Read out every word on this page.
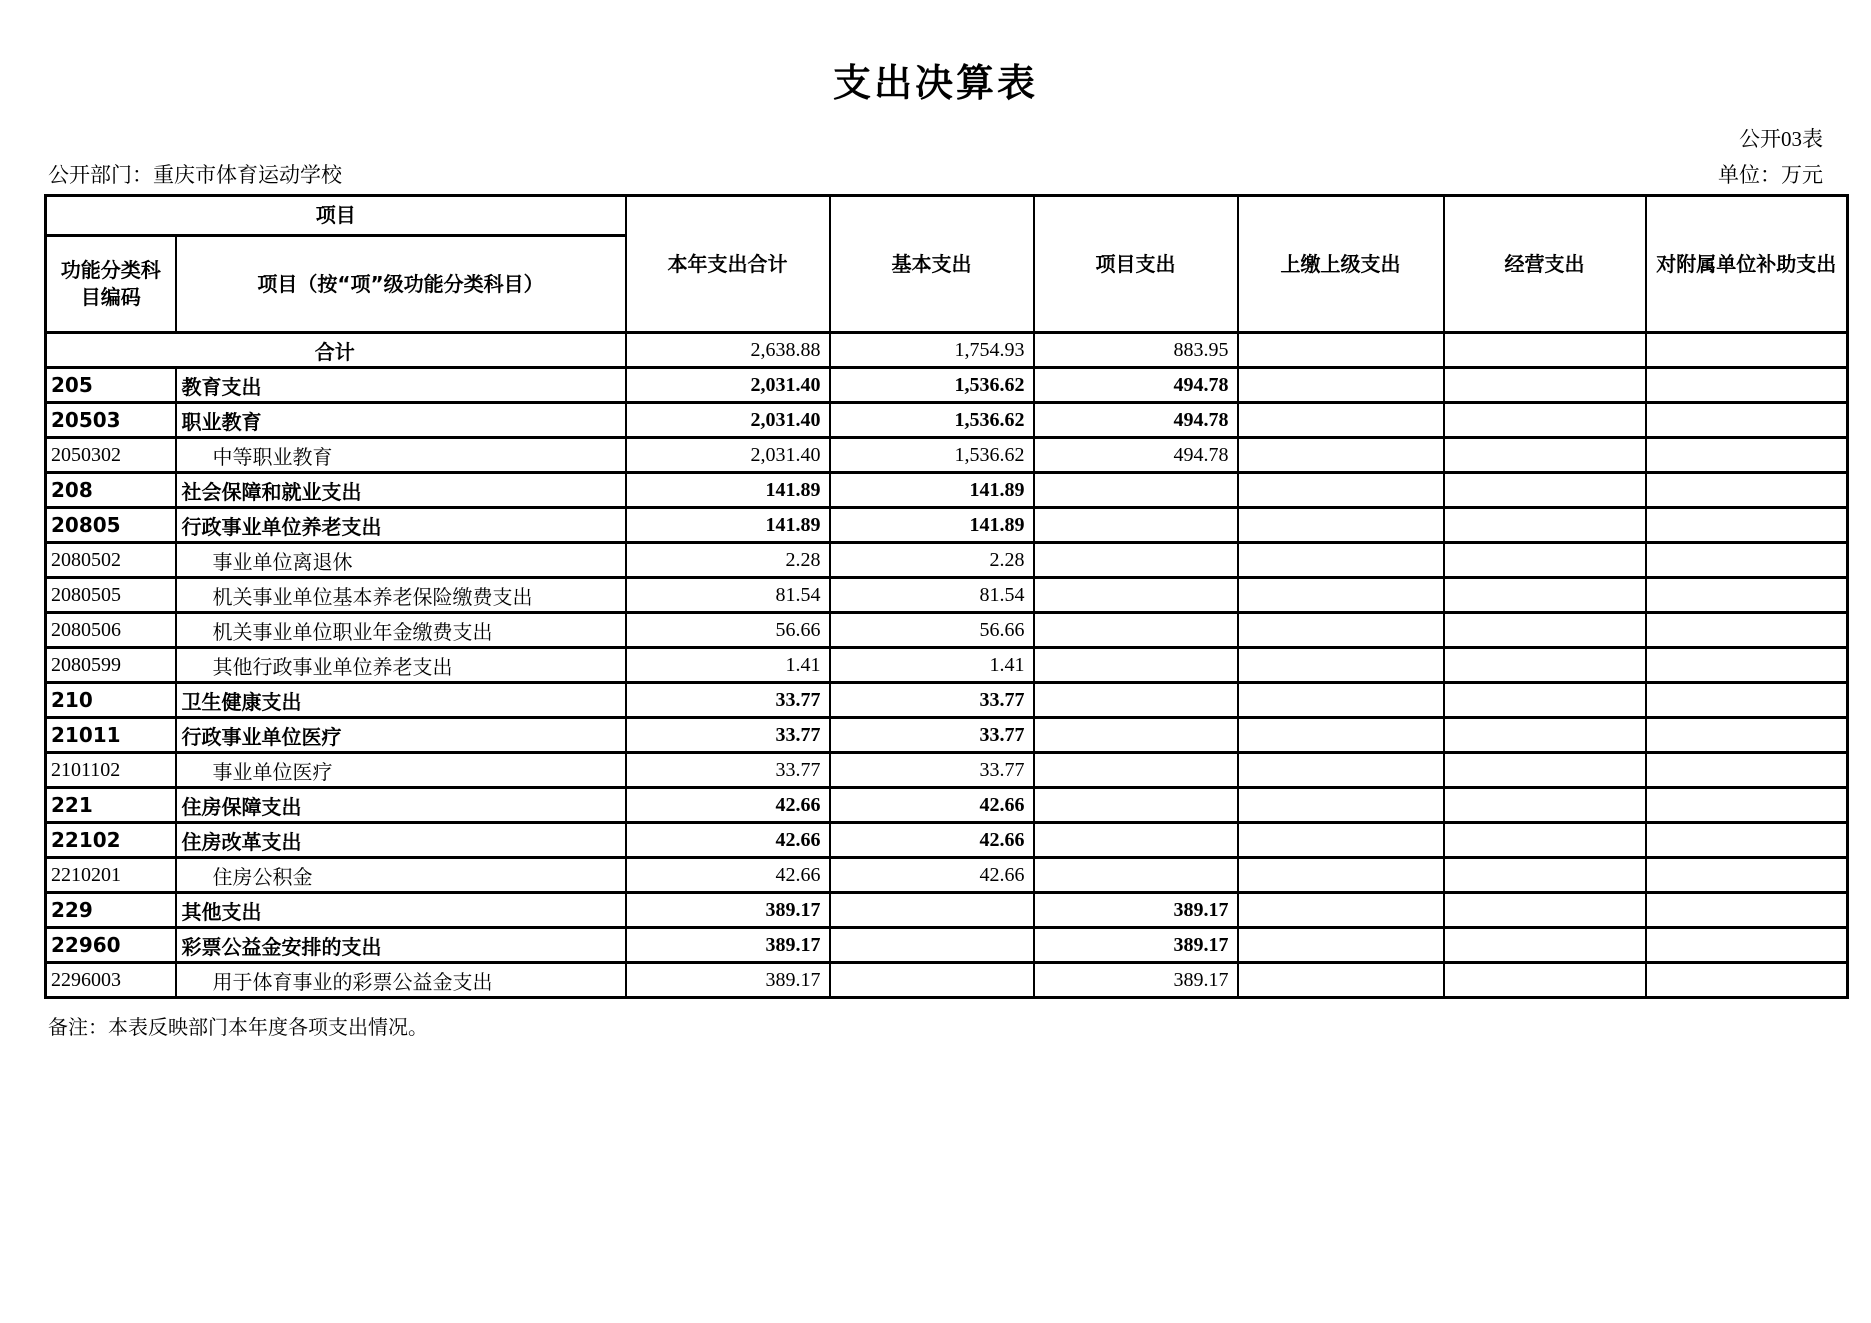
支出决算表
公开03表
公开部门：重庆市体育运动学校	单位：万元
项目		本年支出合计	基本支出	项目支出	上缴上级支出	经营支出	对附属单位补助支出
功能分类科目编码	项目（按“项”级功能分类科目）						
合计		2,638.88	1,754.93	883.95			
205	教育支出	2,031.40	1,536.62	494.78			
20503	职业教育	2,031.40	1,536.62	494.78			
2050302	中等职业教育	2,031.40	1,536.62	494.78			
208	社会保障和就业支出	141.89	141.89				
20805	行政事业单位养老支出	141.89	141.89				
2080502	事业单位离退休	2.28	2.28				
2080505	机关事业单位基本养老保险缴费支出	81.54	81.54				
2080506	机关事业单位职业年金缴费支出	56.66	56.66				
2080599	其他行政事业单位养老支出	1.41	1.41				
210	卫生健康支出	33.77	33.77				
21011	行政事业单位医疗	33.77	33.77				
2101102	事业单位医疗	33.77	33.77				
221	住房保障支出	42.66	42.66				
22102	住房改革支出	42.66	42.66				
2210201	住房公积金	42.66	42.66				
229	其他支出	389.17		389.17			
22960	彩票公益金安排的支出	389.17		389.17			
2296003	用于体育事业的彩票公益金支出	389.17		389.17			
备注：本表反映部门本年度各项支出情况。
